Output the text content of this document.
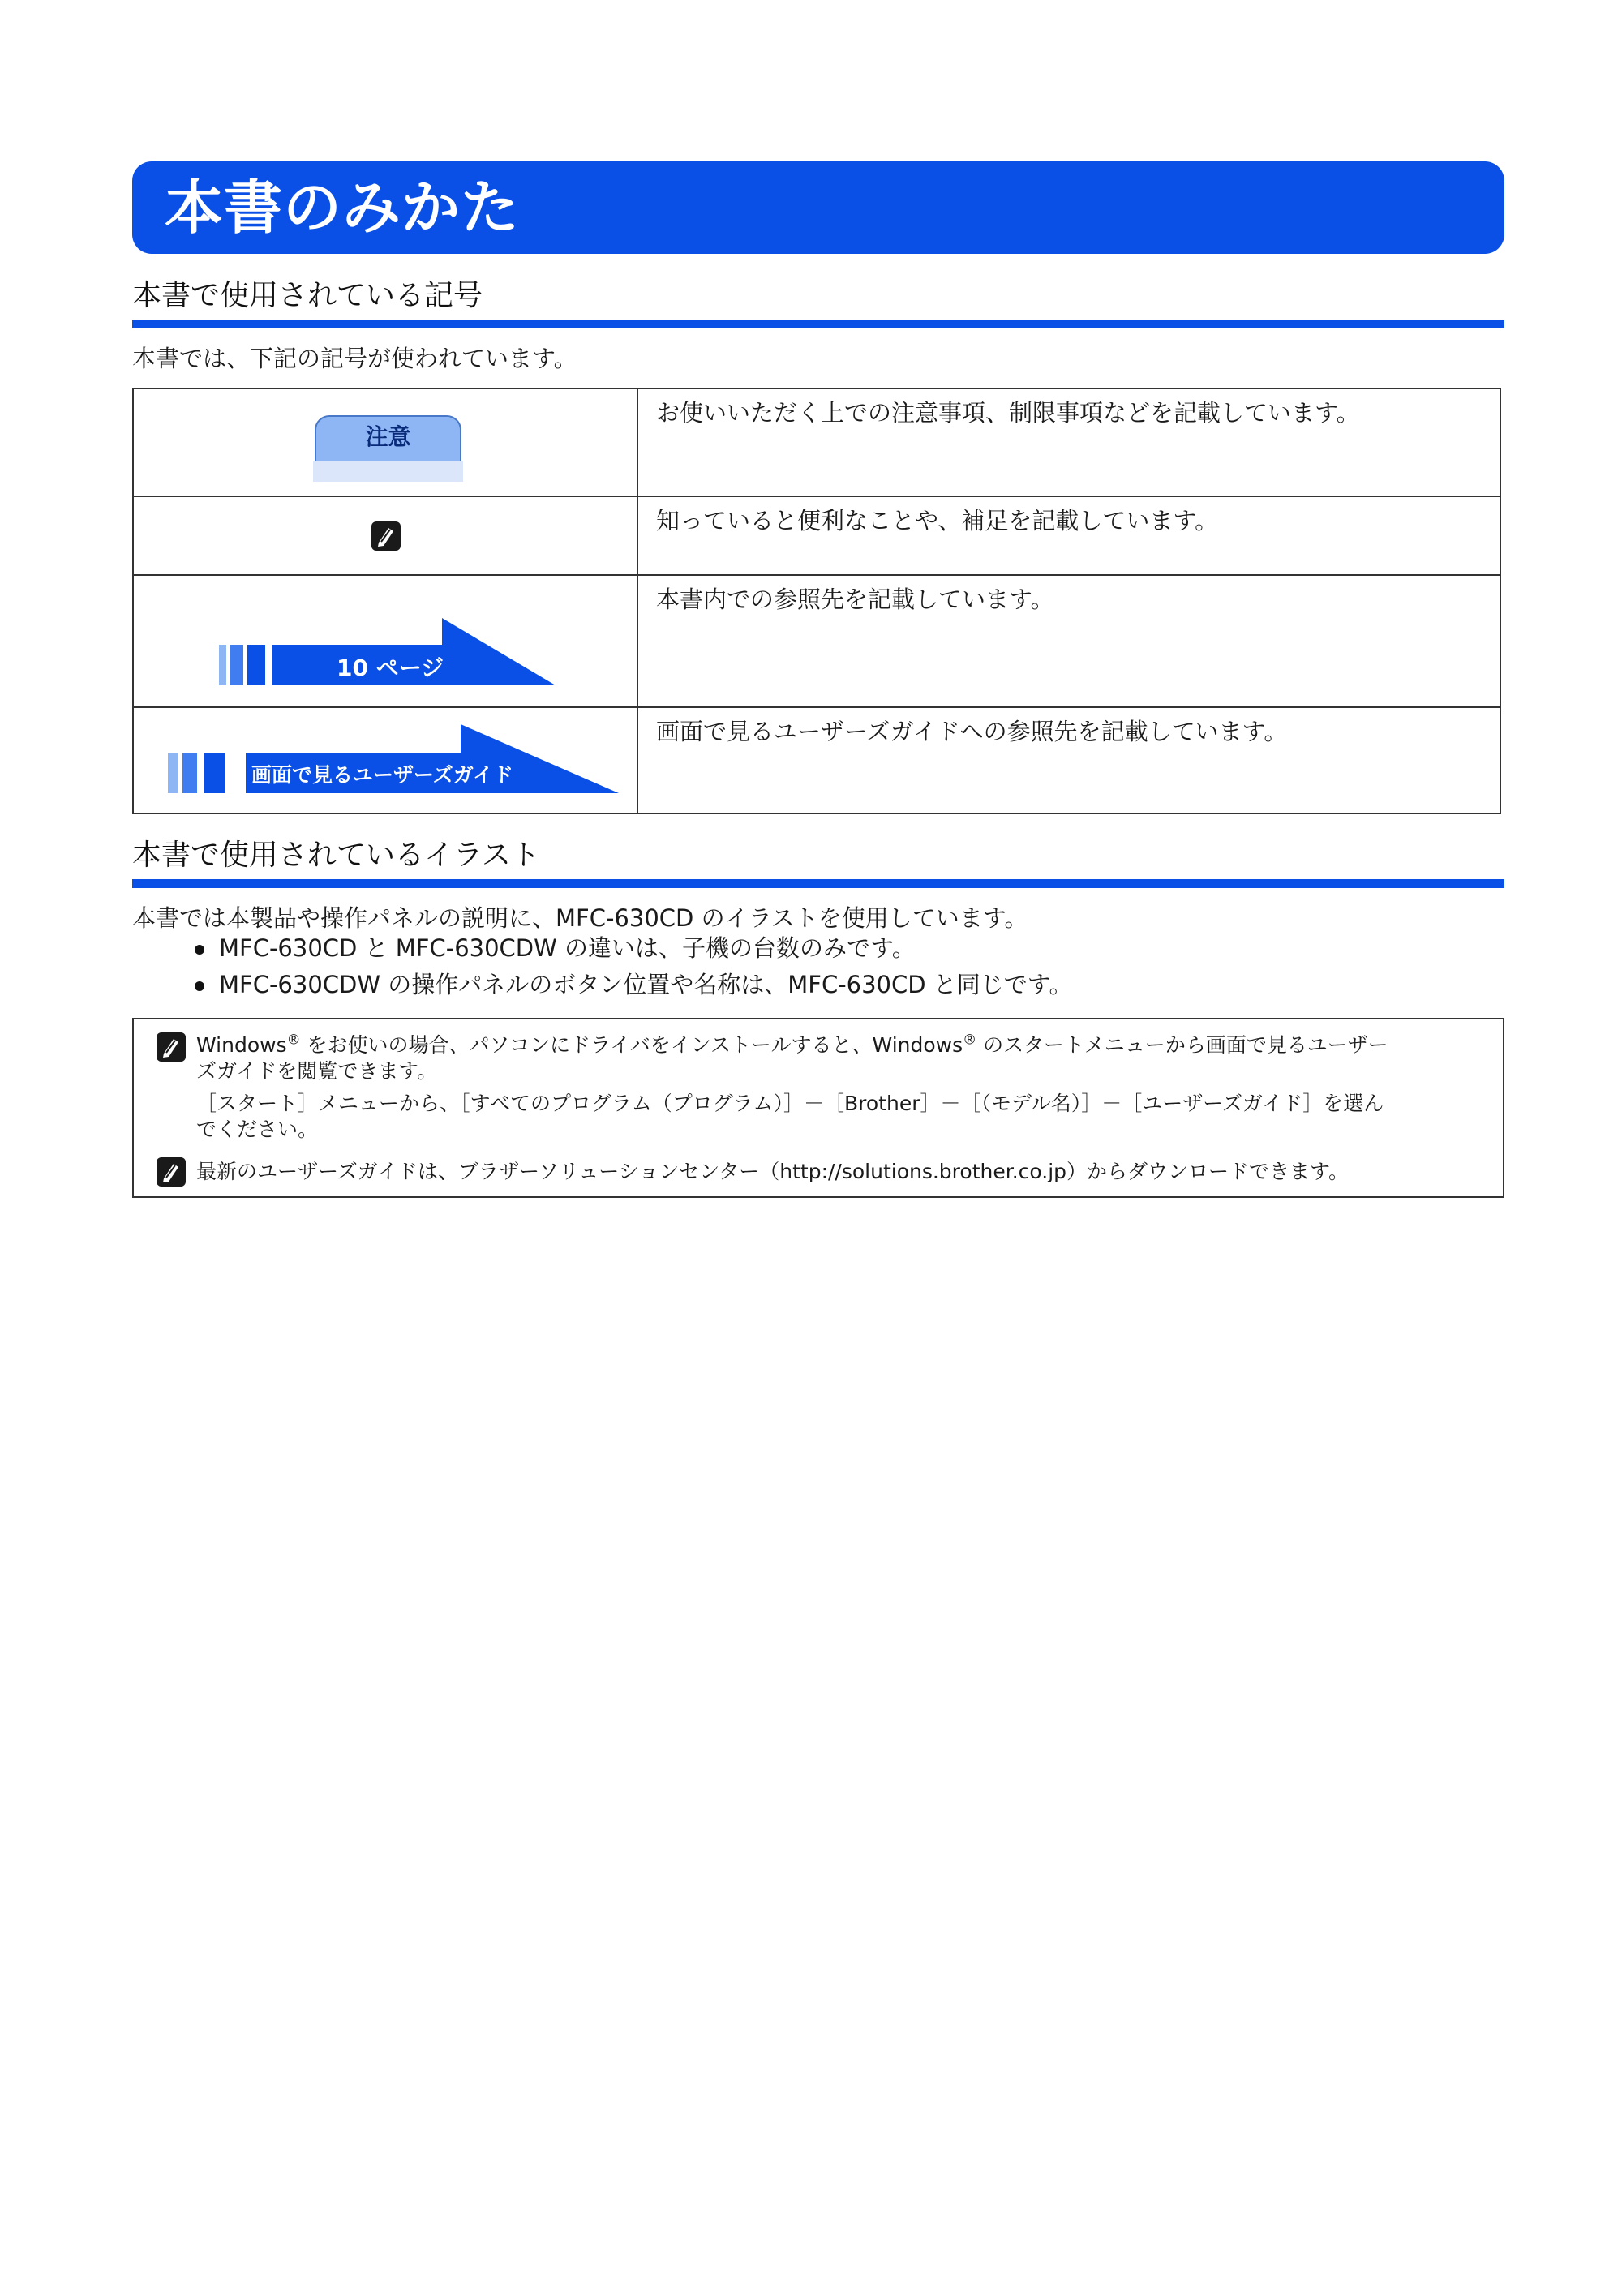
本書のみかた
本書で使用されている記号
本書では、下記の記号が使われています。
注意	お使いいただく上での注意事項、制限事項などを記載しています。

	知っていると便利なことや、補足を記載しています。

10 ページ	本書内での参照先を記載しています。

画面で見るユーザーズガイド	画面で見るユーザーズガイドへの参照先を記載しています。
本書で使用されているイラスト
本書では本製品や操作パネルの説明に、MFC-630CD のイラストを使用しています。
MFC-630CD と MFC-630CDW の違いは、子機の台数のみです。
MFC-630CDW の操作パネルのボタン位置や名称は、MFC-630CD と同じです。
Windows® をお使いの場合、パソコンにドライバをインストールすると、Windows® のスタートメニューから画面で見るユーザー
ズガイドを閲覧できます。
［スタート］メニューから、［すべてのプログラム（プログラム）］－［Brother］－［（モデル名）］－［ユーザーズガイド］を選ん
でください。
最新のユーザーズガイドは、ブラザーソリューションセンター（http://solutions.brother.co.jp）からダウンロードできます。
